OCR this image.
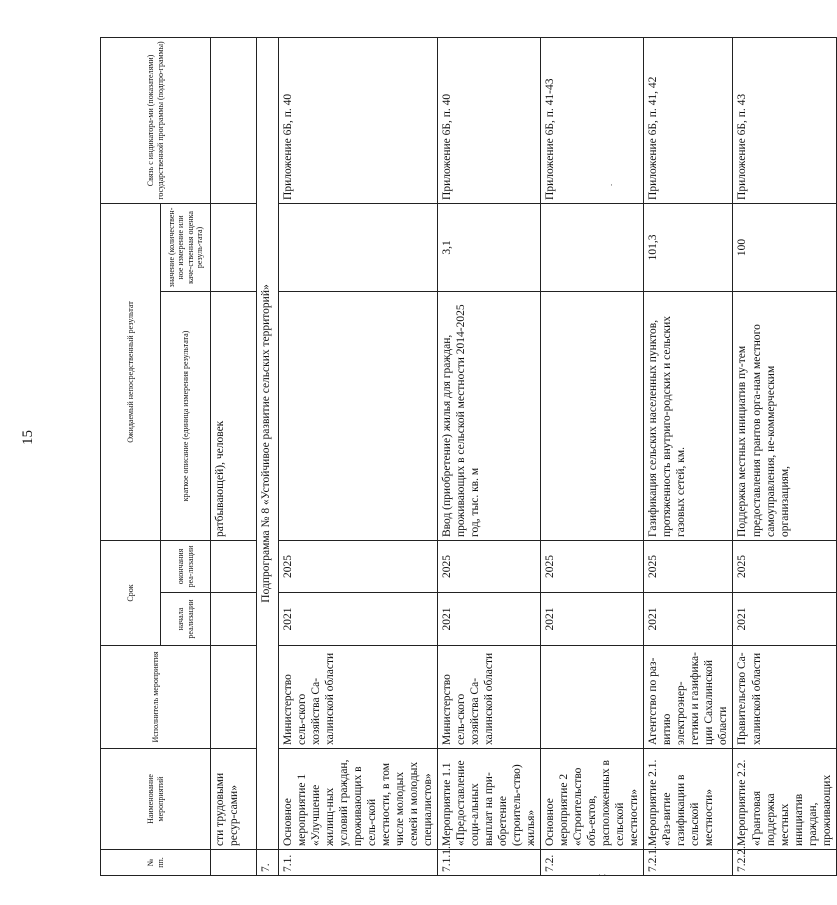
15
·
· ·
№ пп.	Наименование мероприятий	Исполнитель мероприятия	Срок		Ожидаемый непосредственный результат		Связь с индикатора-ми (показателями) государственной программы (подпро-граммы)
			начала реализации	окончания реа-лизации	краткое описание (единица измерения результата)	значение (количествен-ное измерение или каче-ственная оценка резуль-тата)	
	сти трудовыми ресур-сами»				ратбывающей), человек		
7.	Подпрограмма № 8 «Устойчивое развитие сельских территорий»						
7.1.	Основное мероприятие 1 «Улучшение жилищ-ных условий граждан, проживающих в сель-ской местности, в том числе молодых семей и молодых специалистов»	Министерство сель-ского хозяйства Са-халинской области	2021	2025			Приложение 6Б, п. 40
7.1.1.	Мероприятие 1.1 «Предоставление соци-альных выплат на при-обретение (строитель-ство) жилья»	Министерство сель-ского хозяйства Са-халинской области	2021	2025	Ввод (приобретение) жилья для граждан, проживающих в сельской местности 2014-2025 год, тыс. кв. м	3,1	Приложение 6Б, п. 40
7.2.	Основное мероприятие 2 «Строительство объ-ектов, расположенных в сельской местности»		2021	2025			Приложение 6Б, п. 41-43
7.2.1.	Мероприятие 2.1. «Раз-витие газификации в сельской местности»	Агентство по раз-витию электроэнер-гетики и газифика-ции Сахалинской области	2021	2025	Газификация сельских населенных пунктов, протяженность внутриго-родских и сельских газовых сетей, км.	101,3	Приложение 6Б, п. 41, 42
7.2.2.	Мероприятие 2.2. «Грантовая поддержка местных инициатив граждан, проживающих	Правительство Са-халинской области	2021	2025	Поддержка местных инициатив пу-тем предоставления грантов орга-нам местного самоуправления, не-коммерческим организациям,	100	Приложение 6Б, п. 43
